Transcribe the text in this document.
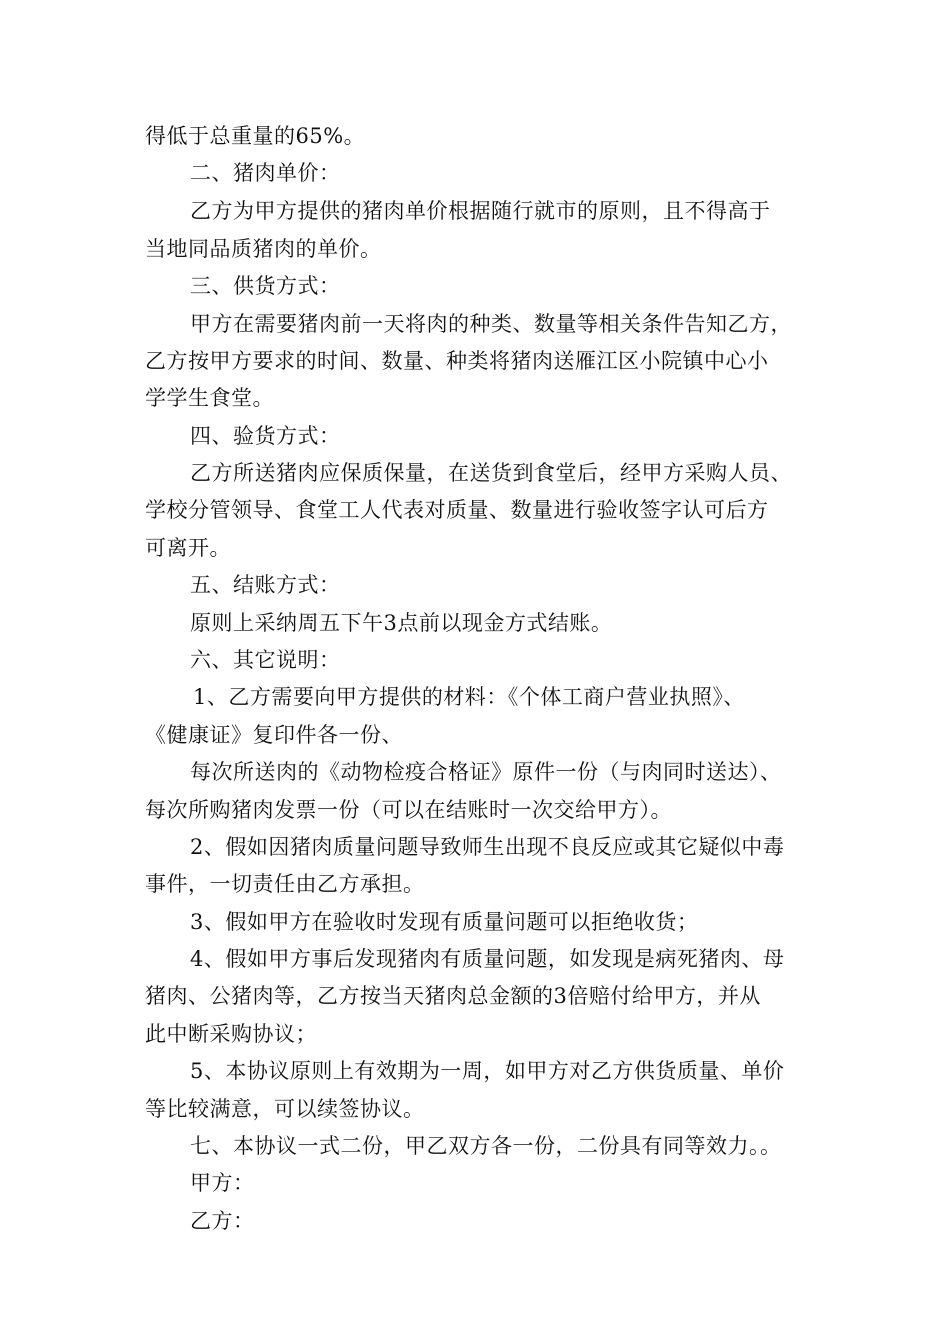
得低于总重量的65%。
二、猪肉单价：
乙方为甲方提供的猪肉单价根据随行就市的原则，且不得高于
当地同品质猪肉的单价。
三、供货方式：
甲方在需要猪肉前一天将肉的种类、数量等相关条件告知乙方，
乙方按甲方要求的时间、数量、种类将猪肉送雁江区小院镇中心小
学学生食堂。
四、验货方式：
乙方所送猪肉应保质保量，在送货到食堂后，经甲方采购人员、
学校分管领导、食堂工人代表对质量、数量进行验收签字认可后方
可离开。
五、结账方式：
原则上采纳周五下午3点前以现金方式结账。
六、其它说明：
1、乙方需要向甲方提供的材料：《个体工商户营业执照》、
《健康证》复印件各一份、
每次所送肉的《动物检疫合格证》原件一份（与肉同时送达）、
每次所购猪肉发票一份（可以在结账时一次交给甲方）。
2、假如因猪肉质量问题导致师生出现不良反应或其它疑似中毒
事件，一切责任由乙方承担。
3、假如甲方在验收时发现有质量问题可以拒绝收货；
4、假如甲方事后发现猪肉有质量问题，如发现是病死猪肉、母
猪肉、公猪肉等，乙方按当天猪肉总金额的3倍赔付给甲方，并从
此中断采购协议；
5、本协议原则上有效期为一周，如甲方对乙方供货质量、单价
等比较满意，可以续签协议。
七、本协议一式二份，甲乙双方各一份，二份具有同等效力。。
甲方：
乙方：
